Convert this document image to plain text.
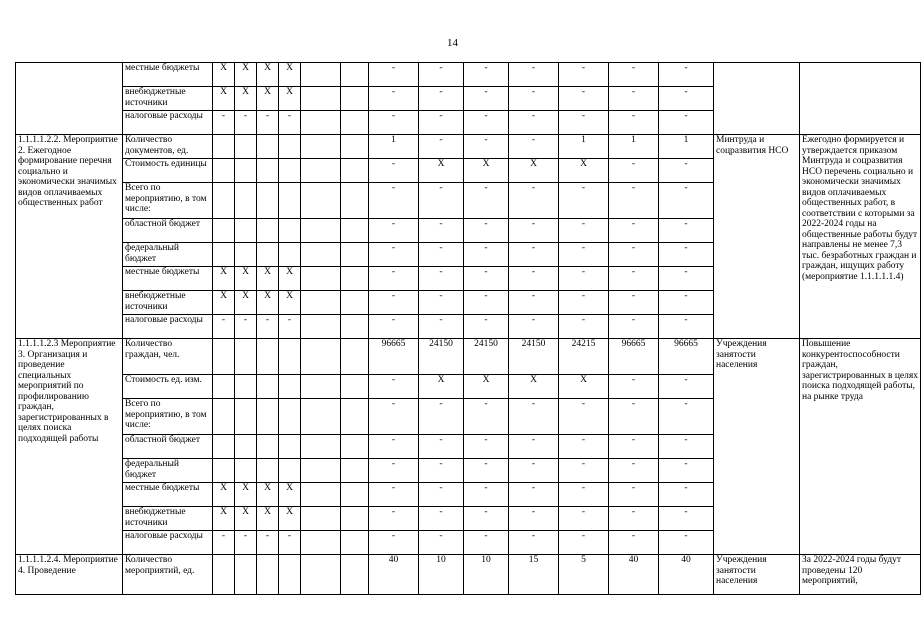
14
	местные бюджеты	X	X	X	X			-	-	-	-	-	-	-		
	внебюджетные источники	X	X	X	X			-	-	-	-	-	-	-		
	налоговые расходы	-	-	-	-			-	-	-	-	-	-	-		
1.1.1.1.2.2. Мероприятие 2. Ежегодное формирование перечня социально и экономически значимых видов оплачиваемых общественных работ	Количество документов, ед.							1	-	-	-	1	1	1	Минтруда и соцразвития НСО	Ежегодно формируется и утверждается приказом Минтруда и соцразвития НСО перечень социально и экономически значимых видов оплачиваемых общественных работ, в соответствии с которыми за 2022-2024 годы на общественные работы будут направлены не менее 7,3 тыс. безработных граждан и граждан, ищущих работу (мероприятие 1.1.1.1.1.4)
	Стоимость единицы							-	X	X	X	X	-	-		
	Всего по мероприятию, в том числе:							-	-	-	-	-	-	-		
	областной бюджет							-	-	-	-	-	-	-		
	федеральный бюджет							-	-	-	-	-	-	-		
	местные бюджеты	X	X	X	X			-	-	-	-	-	-	-		
	внебюджетные источники	X	X	X	X			-	-	-	-	-	-	-		
	налоговые расходы	-	-	-	-			-	-	-	-	-	-	-		
1.1.1.1.2.3 Мероприятие 3. Организация и проведение специальных мероприятий по профилированию граждан, зарегистрированных в целях поиска подходящей работы	Количество граждан, чел.							96665	24150	24150	24150	24215	96665	96665	Учреждения занятости населения	Повышение конкурентоспособности граждан, зарегистрированных в целях поиска подходящей работы, на рынке труда
	Стоимость ед. изм.							-	X	X	X	X	-	-		
	Всего по мероприятию, в том числе:							-	-	-	-	-	-	-		
	областной бюджет							-	-	-	-	-	-	-		
	федеральный бюджет							-	-	-	-	-	-	-		
	местные бюджеты	X	X	X	X			-	-	-	-	-	-	-		
	внебюджетные источники	X	X	X	X			-	-	-	-	-	-	-		
	налоговые расходы	-	-	-	-			-	-	-	-	-	-	-		
1.1.1.1.2.4. Мероприятие 4. Проведение	Количество мероприятий, ед.							40	10	10	15	5	40	40	Учреждения занятости населения	За 2022-2024 годы будут проведены 120 мероприятий,
